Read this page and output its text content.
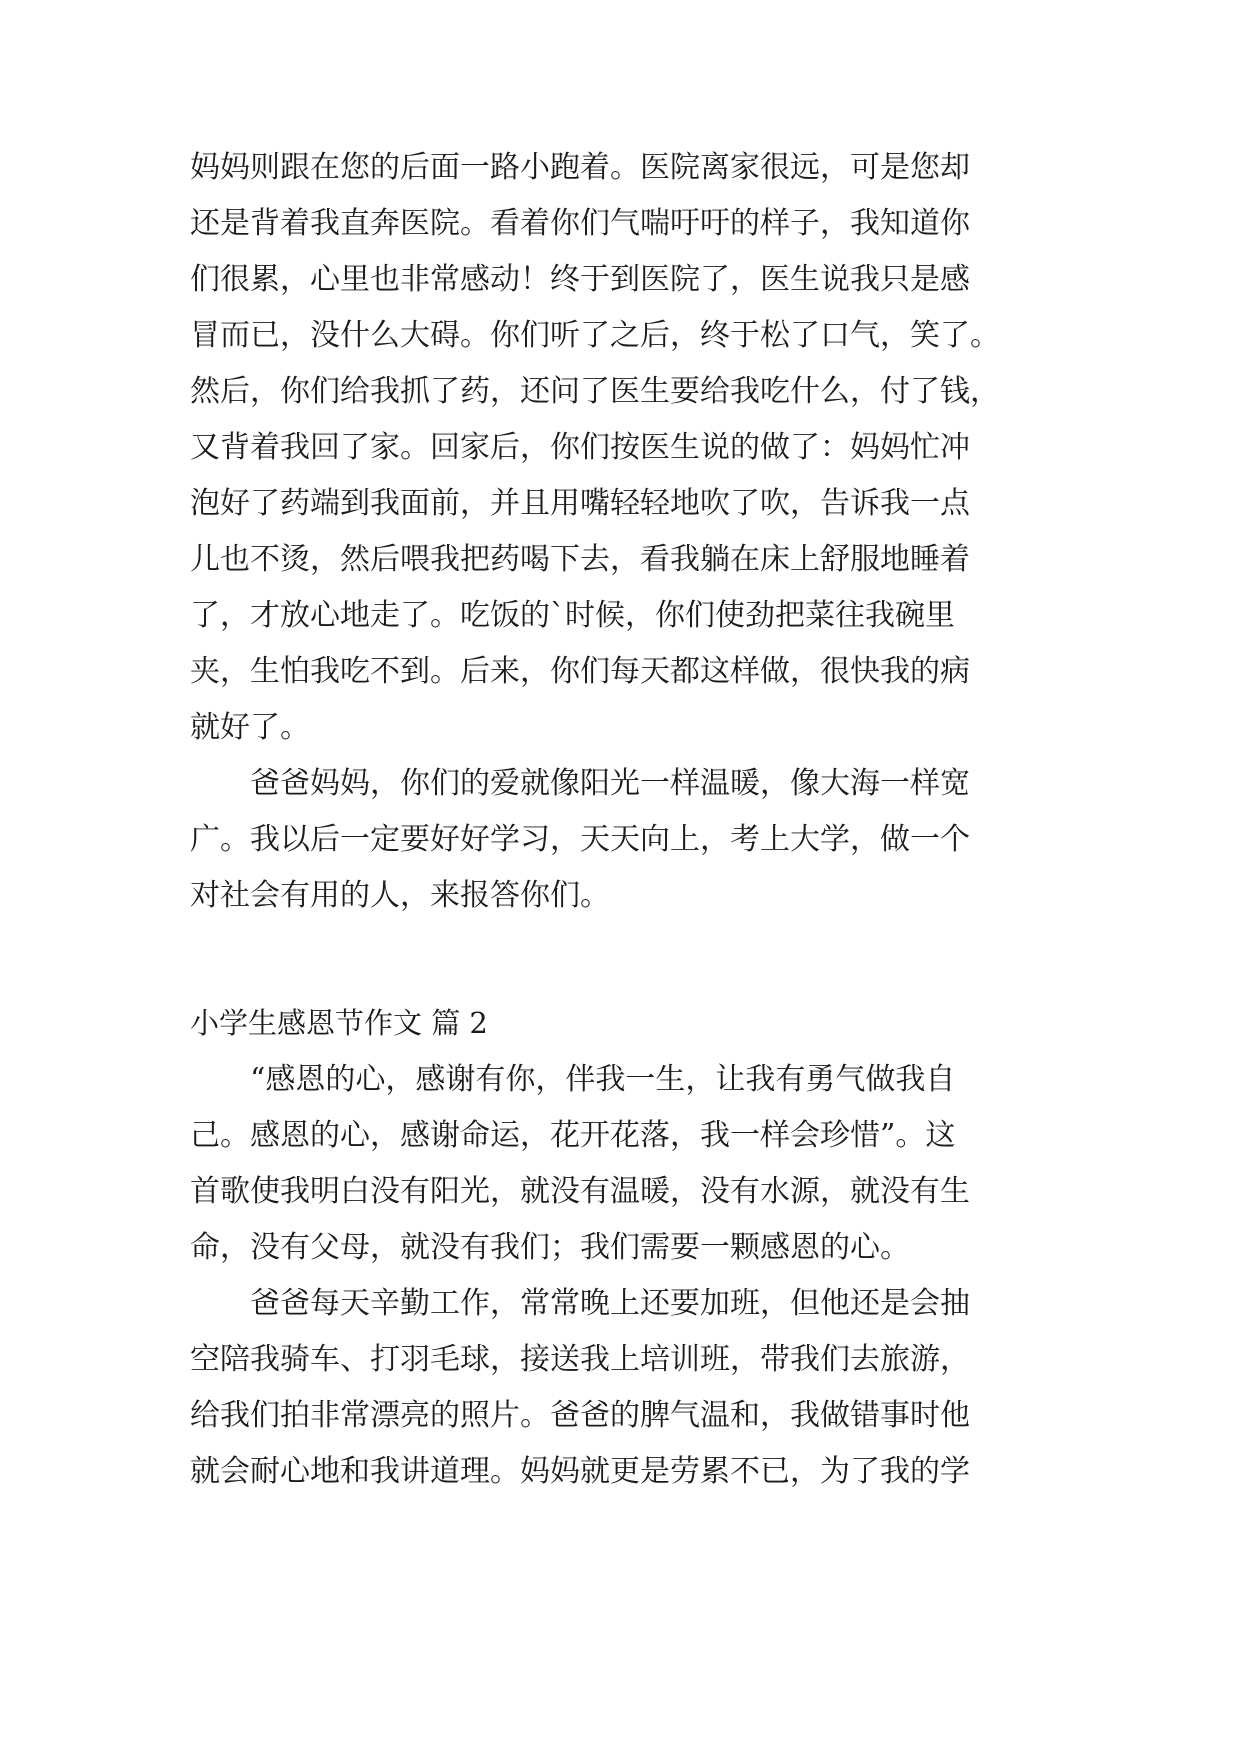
妈妈则跟在您的后面一路小跑着。医院离家很远，可是您却
还是背着我直奔医院。看着你们气喘吁吁的样子，我知道你
们很累，心里也非常感动！终于到医院了，医生说我只是感
冒而已，没什么大碍。你们听了之后，终于松了口气，笑了。
然后，你们给我抓了药，还问了医生要给我吃什么，付了钱，
又背着我回了家。回家后，你们按医生说的做了：妈妈忙冲
泡好了药端到我面前，并且用嘴轻轻地吹了吹，告诉我一点
儿也不烫，然后喂我把药喝下去，看我躺在床上舒服地睡着
了，才放心地走了。吃饭的`时候，你们使劲把菜往我碗里
夹，生怕我吃不到。后来，你们每天都这样做，很快我的病
就好了。
爸爸妈妈，你们的爱就像阳光一样温暖，像大海一样宽
广。我以后一定要好好学习，天天向上，考上大学，做一个
对社会有用的人，来报答你们。
小学生感恩节作文 篇 2
“感恩的心，感谢有你，伴我一生，让我有勇气做我自
己。感恩的心，感谢命运，花开花落，我一样会珍惜”。这
首歌使我明白没有阳光，就没有温暖，没有水源，就没有生
命，没有父母，就没有我们；我们需要一颗感恩的心。
爸爸每天辛勤工作，常常晚上还要加班，但他还是会抽
空陪我骑车、打羽毛球，接送我上培训班，带我们去旅游，
给我们拍非常漂亮的照片。爸爸的脾气温和，我做错事时他
就会耐心地和我讲道理。妈妈就更是劳累不已，为了我的学
